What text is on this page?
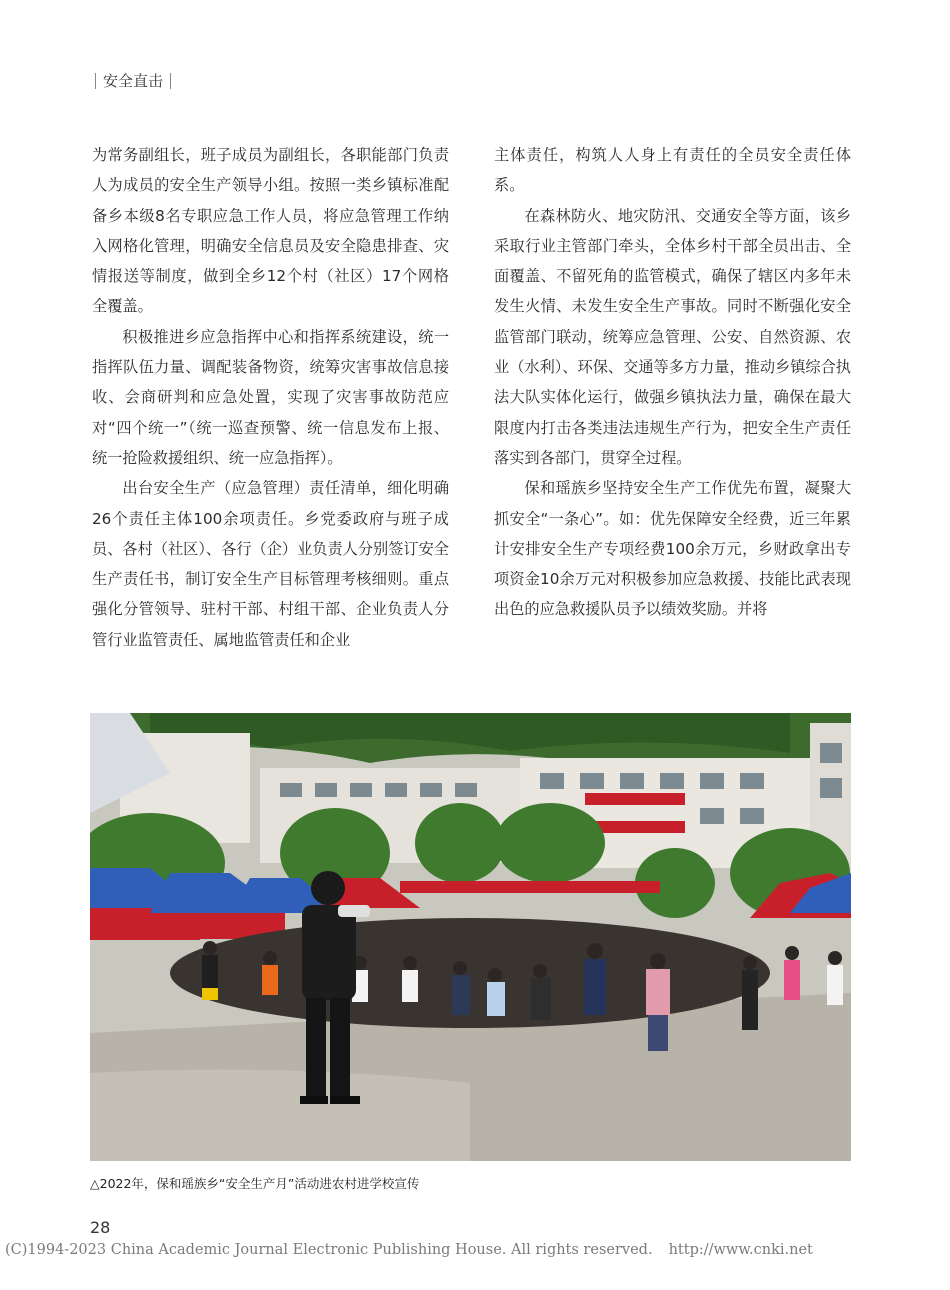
安全直击

为常务副组长，班子成员为副组长，各职能部门负责人为成员的安全生产领导小组。按照一类乡镇标准配备乡本级8名专职应急工作人员，将应急管理工作纳入网格化管理，明确安全信息员及安全隐患排查、灾情报送等制度，做到全乡12个村（社区）17个网格全覆盖。

积极推进乡应急指挥中心和指挥系统建设，统一指挥队伍力量、调配装备物资，统筹灾害事故信息接收、会商研判和应急处置，实现了灾害事故防范应对“四个统一”（统一巡查预警、统一信息发布上报、统一抢险救援组织、统一应急指挥）。

出台安全生产（应急管理）责任清单，细化明确26个责任主体100余项责任。乡党委政府与班子成员、各村（社区）、各行（企）业负责人分别签订安全生产责任书，制订安全生产目标管理考核细则。重点强化分管领导、驻村干部、村组干部、企业负责人分管行业监管责任、属地监管责任和企业

主体责任，构筑人人身上有责任的全员安全责任体系。

在森林防火、地灾防汛、交通安全等方面，该乡采取行业主管部门牵头，全体乡村干部全员出击、全面覆盖、不留死角的监管模式，确保了辖区内多年未发生火情、未发生安全生产事故。同时不断强化安全监管部门联动，统筹应急管理、公安、自然资源、农业（水利）、环保、交通等多方力量，推动乡镇综合执法大队实体化运行，做强乡镇执法力量，确保在最大限度内打击各类违法违规生产行为，把安全生产责任落实到各部门，贯穿全过程。

保和瑶族乡坚持安全生产工作优先布置，凝聚大抓安全“一条心”。如：优先保障安全经费，近三年累计安排安全生产专项经费100余万元，乡财政拿出专项资金10余万元对积极参加应急救援、技能比武表现出色的应急救援队员予以绩效奖励。并将

△2022年，保和瑶族乡“安全生产月”活动进农村进学校宣传
28
(C)1994-2023 China Academic Journal Electronic Publishing House. All rights reserved. http://www.cnki.net
